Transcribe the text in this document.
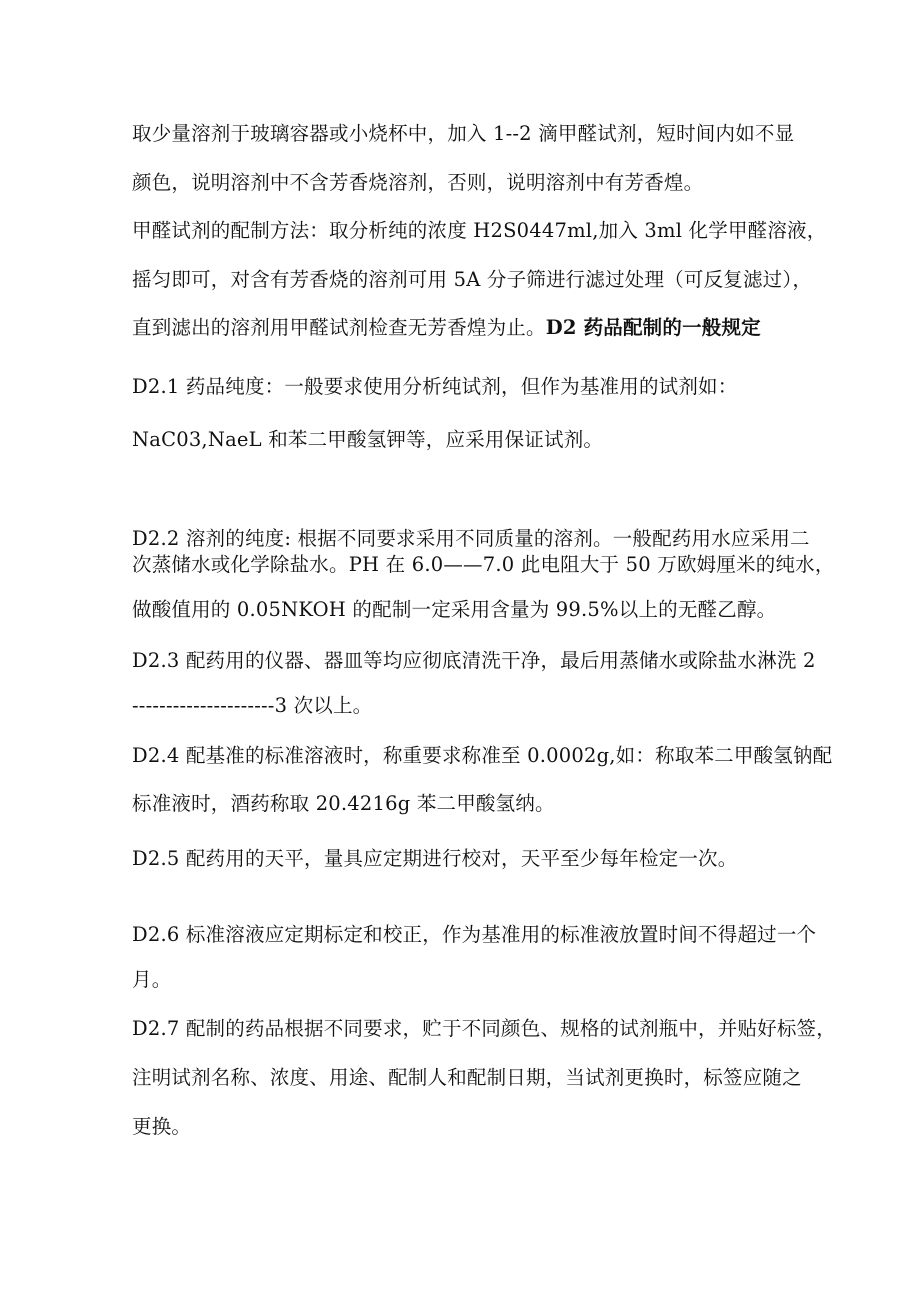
取少量溶剂于玻璃容器或小烧杯中，加入 1--2 滴甲醛试剂，短时间内如不显
颜色，说明溶剂中不含芳香烧溶剂，否则，说明溶剂中有芳香煌。
甲醛试剂的配制方法：取分析纯的浓度 H2S0447ml,加入 3ml 化学甲醛溶液，
摇匀即可，对含有芳香烧的溶剂可用 5A 分子筛进行滤过处理（可反复滤过），
直到滤出的溶剂用甲醛试剂检查无芳香煌为止。D2 药品配制的一般规定
D2.1 药品纯度：一般要求使用分析纯试剂，但作为基准用的试剂如：
NaC03,NaeL 和苯二甲酸氢钾等，应采用保证试剂。
D2.2 溶剂的纯度: 根据不同要求采用不同质量的溶剂。一般配药用水应采用二
次蒸储水或化学除盐水。PH 在 6.0——7.0 此电阻大于 50 万欧姆厘米的纯水，
做酸值用的 0.05NKOH 的配制一定采用含量为 99.5%以上的无醛乙醇。
D2.3 配药用的仪器、器皿等均应彻底清洗干净，最后用蒸储水或除盐水淋洗 2
---------------------3 次以上。
D2.4 配基准的标准溶液时，称重要求称准至 0.0002g,如：称取苯二甲酸氢钠配
标准液时，酒药称取 20.4216g 苯二甲酸氢纳。
D2.5 配药用的天平，量具应定期进行校对，天平至少每年检定一次。
D2.6 标准溶液应定期标定和校正，作为基准用的标准液放置时间不得超过一个
月。
D2.7 配制的药品根据不同要求，贮于不同颜色、规格的试剂瓶中，并贴好标签，
注明试剂名称、浓度、用途、配制人和配制日期，当试剂更换时，标签应随之
更换。
